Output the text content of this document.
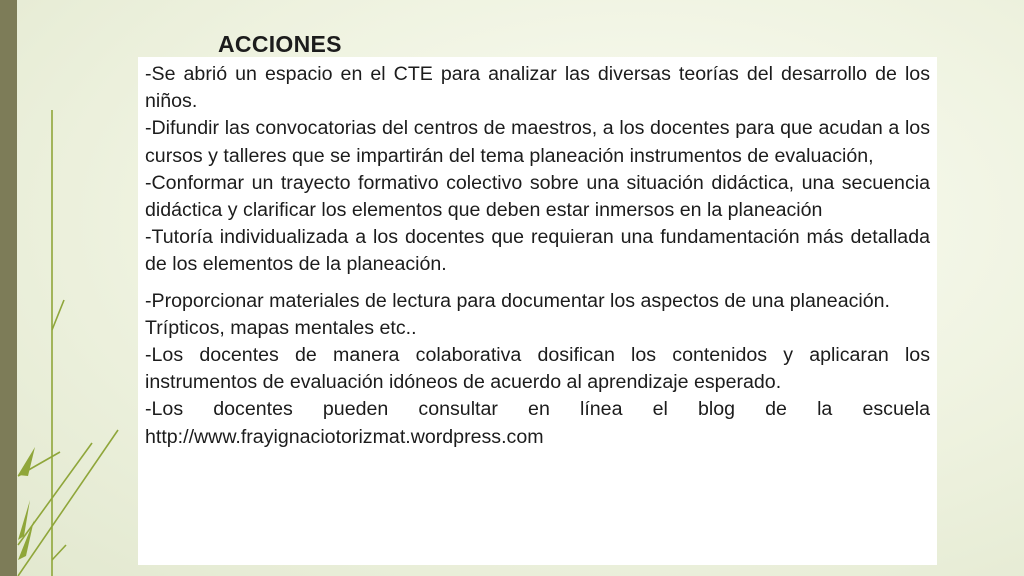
ACCIONES

-Se abrió un espacio en el CTE para analizar las diversas teorías del desarrollo de los niños.

-Difundir las convocatorias del centros de maestros, a los docentes para que acudan a los cursos y talleres que se impartirán del tema planeación instrumentos de evaluación,

-Conformar un trayecto formativo colectivo sobre una situación didáctica, una secuencia didáctica y clarificar los elementos que deben estar inmersos en la planeación

-Tutoría individualizada a los docentes que requieran una fundamentación más detallada de los elementos de la planeación.

-Proporcionar materiales de lectura para documentar los aspectos de una planeación.

Trípticos, mapas mentales etc..

-Los docentes de manera colaborativa dosifican los contenidos y aplicaran los instrumentos de evaluación idóneos de acuerdo al aprendizaje esperado.

-Los docentes pueden consultar en línea el blog de la escuela http://www.frayignaciotorizmat.wordpress.com
